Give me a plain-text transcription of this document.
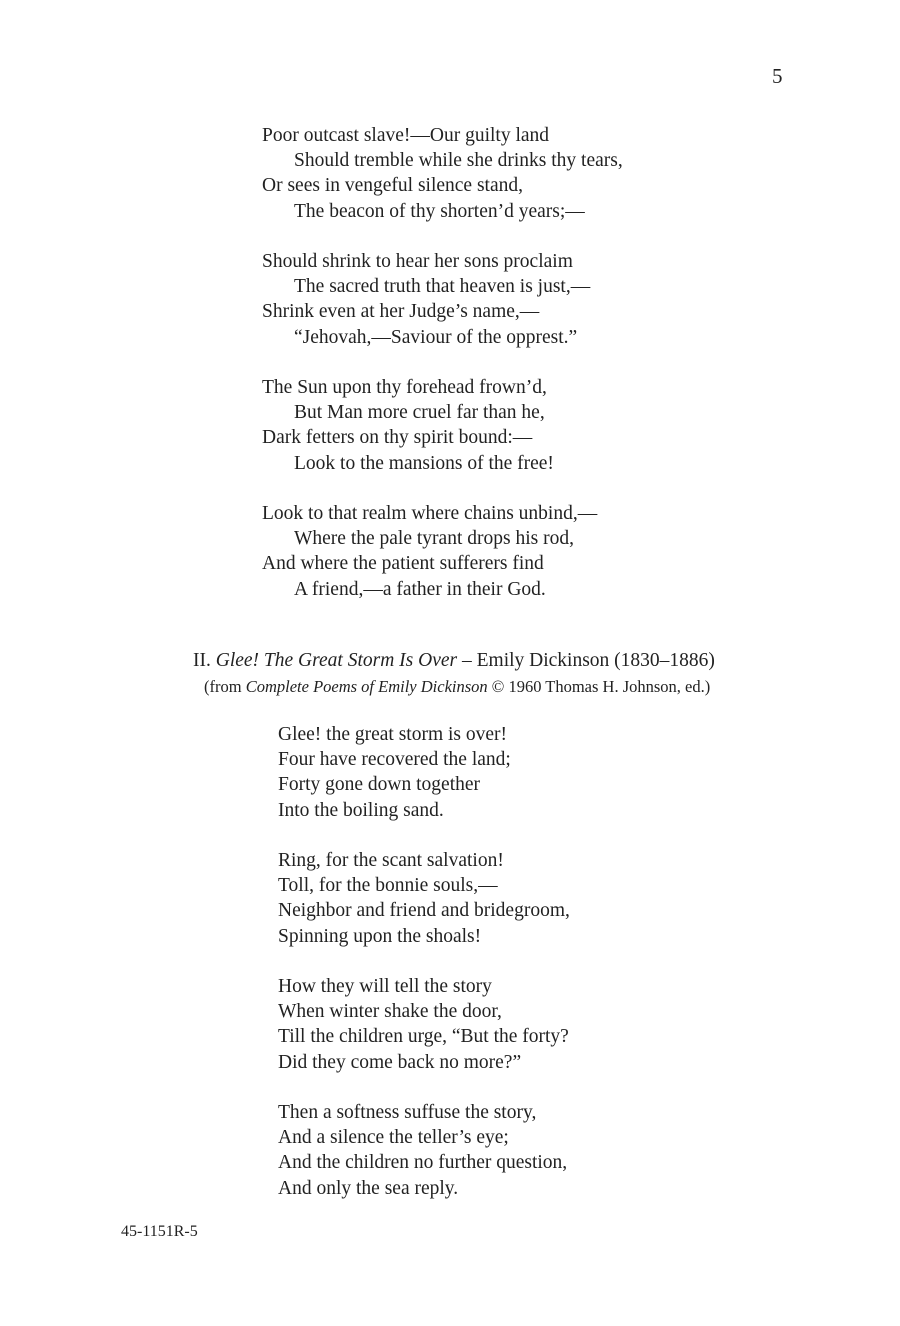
5
Poor outcast slave!—Our guilty land
Should tremble while she drinks thy tears,
Or sees in vengeful silence stand,
The beacon of thy shorten’d years;—
Should shrink to hear her sons proclaim
The sacred truth that heaven is just,—
Shrink even at her Judge’s name,—
“Jehovah,—Saviour of the opprest.”
The Sun upon thy forehead frown’d,
But Man more cruel far than he,
Dark fetters on thy spirit bound:—
Look to the mansions of the free!
Look to that realm where chains unbind,—
Where the pale tyrant drops his rod,
And where the patient sufferers find
A friend,—a father in their God.
II. Glee! The Great Storm Is Over – Emily Dickinson (1830–1886)
(from Complete Poems of Emily Dickinson © 1960 Thomas H. Johnson, ed.)
Glee! the great storm is over!
Four have recovered the land;
Forty gone down together
Into the boiling sand.
Ring, for the scant salvation!
Toll, for the bonnie souls,—
Neighbor and friend and bridegroom,
Spinning upon the shoals!
How they will tell the story
When winter shake the door,
Till the children urge, “But the forty?
Did they come back no more?”
Then a softness suffuse the story,
And a silence the teller’s eye;
And the children no further question,
And only the sea reply.
45-1151R-5
